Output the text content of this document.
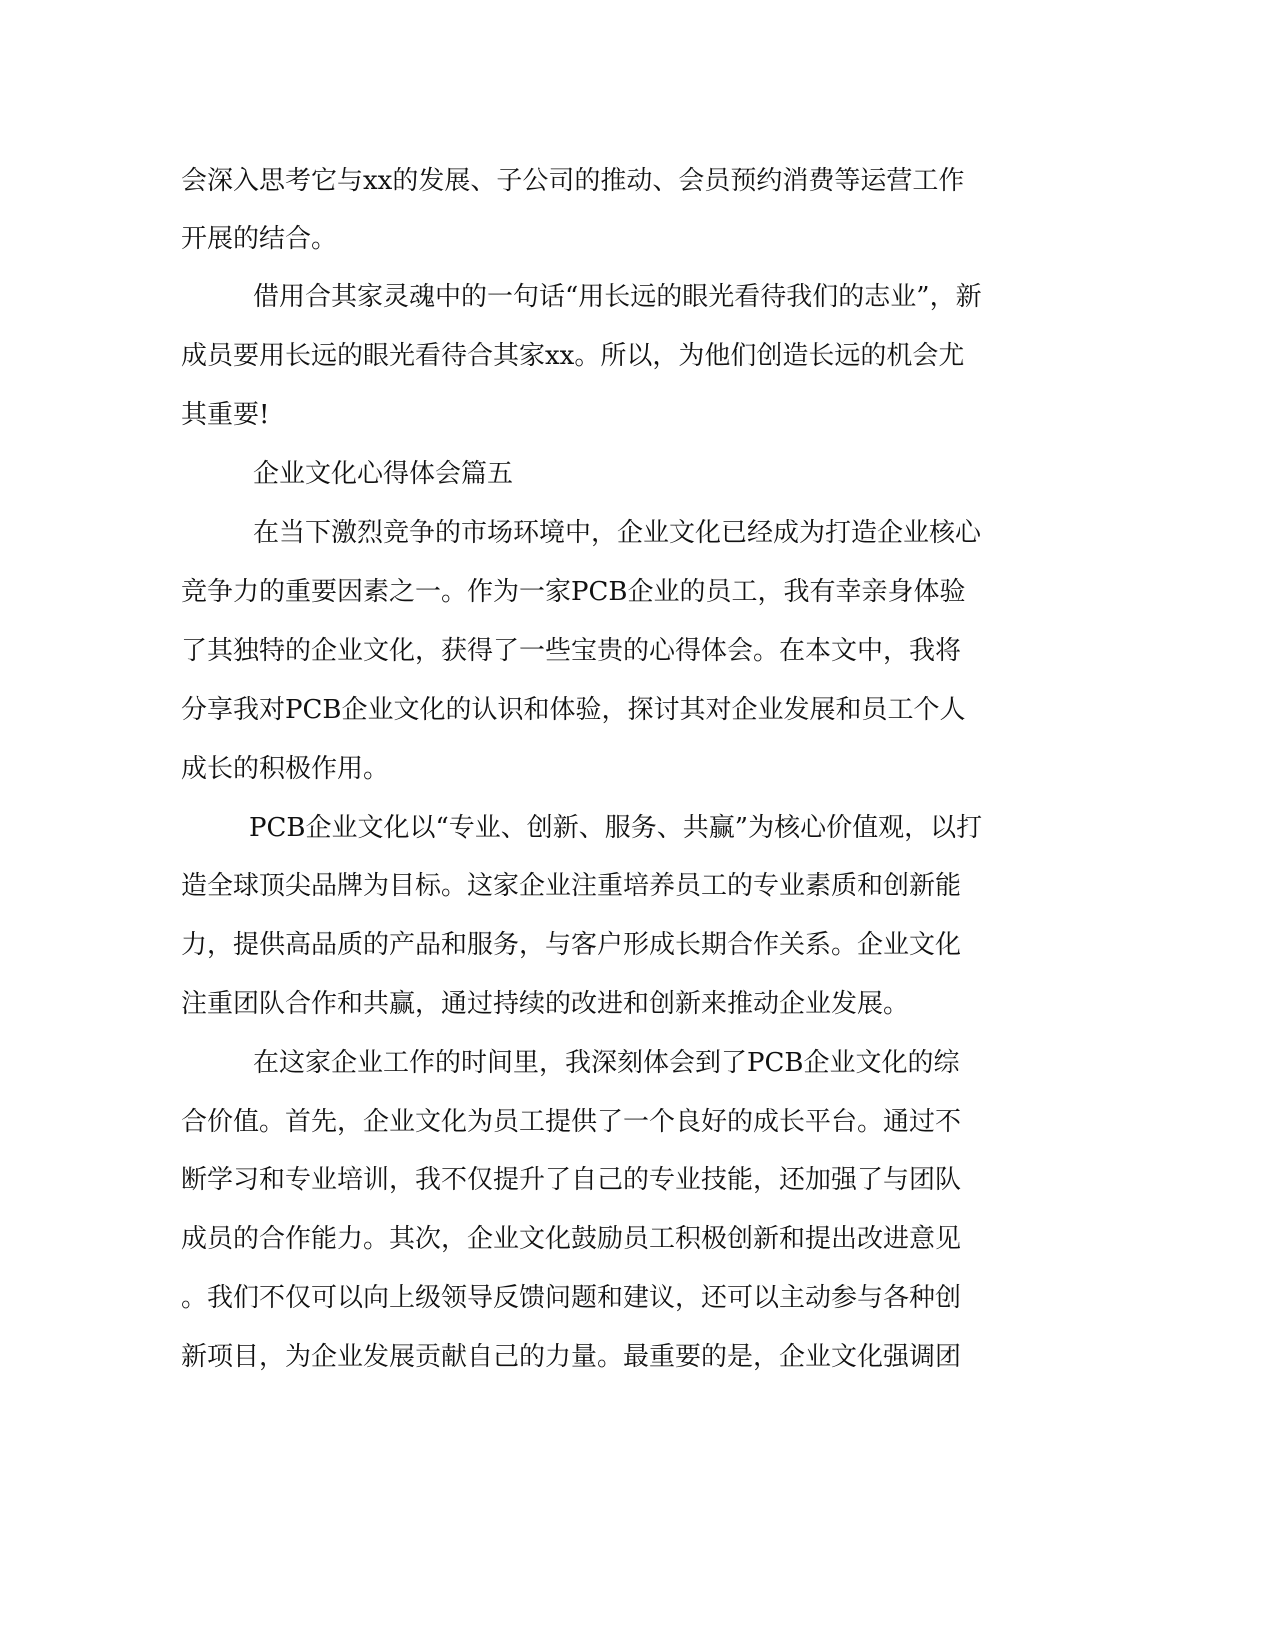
会深入思考它与xx的发展、子公司的推动、会员预约消费等运营工作
开展的结合。
借用合其家灵魂中的一句话“用长远的眼光看待我们的志业”，新
成员要用长远的眼光看待合其家xx。所以，为他们创造长远的机会尤
其重要!
企业文化心得体会篇五
在当下激烈竞争的市场环境中，企业文化已经成为打造企业核心
竞争力的重要因素之一。作为一家PCB企业的员工，我有幸亲身体验
了其独特的企业文化，获得了一些宝贵的心得体会。在本文中，我将
分享我对PCB企业文化的认识和体验，探讨其对企业发展和员工个人
成长的积极作用。
PCB企业文化以“专业、创新、服务、共赢”为核心价值观，以打
造全球顶尖品牌为目标。这家企业注重培养员工的专业素质和创新能
力，提供高品质的产品和服务，与客户形成长期合作关系。企业文化
注重团队合作和共赢，通过持续的改进和创新来推动企业发展。
在这家企业工作的时间里，我深刻体会到了PCB企业文化的综
合价值。首先，企业文化为员工提供了一个良好的成长平台。通过不
断学习和专业培训，我不仅提升了自己的专业技能，还加强了与团队
成员的合作能力。其次，企业文化鼓励员工积极创新和提出改进意见
。我们不仅可以向上级领导反馈问题和建议，还可以主动参与各种创
新项目，为企业发展贡献自己的力量。最重要的是，企业文化强调团
